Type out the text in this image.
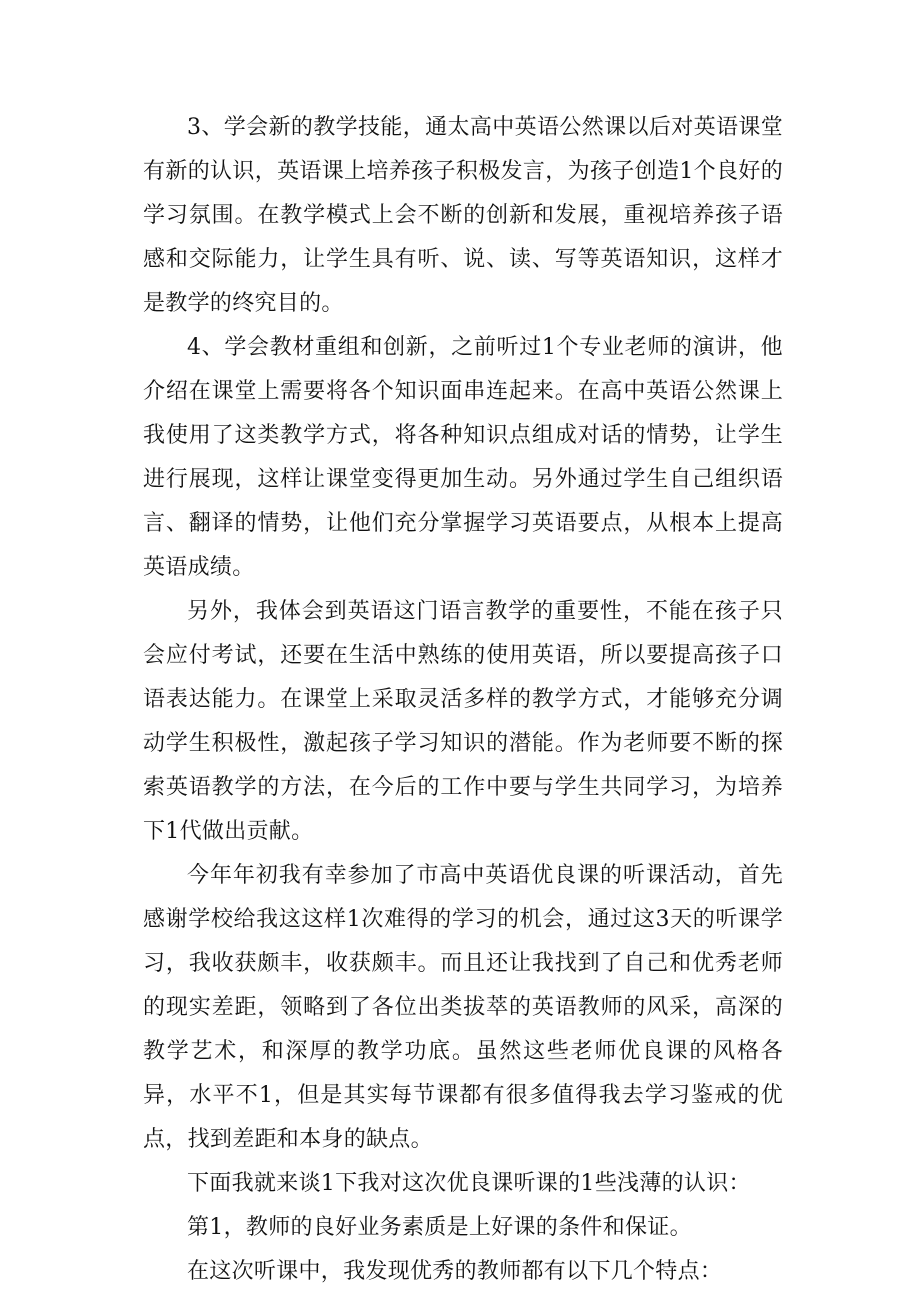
3、学会新的教学技能，通太高中英语公然课以后对英语课堂有新的认识，英语课上培养孩子积极发言，为孩子创造1个良好的学习氛围。在教学模式上会不断的创新和发展，重视培养孩子语感和交际能力，让学生具有听、说、读、写等英语知识，这样才是教学的终究目的。

4、学会教材重组和创新，之前听过1个专业老师的演讲，他介绍在课堂上需要将各个知识面串连起来。在高中英语公然课上我使用了这类教学方式，将各种知识点组成对话的情势，让学生进行展现，这样让课堂变得更加生动。另外通过学生自己组织语言、翻译的情势，让他们充分掌握学习英语要点，从根本上提高英语成绩。

另外，我体会到英语这门语言教学的重要性，不能在孩子只会应付考试，还要在生活中熟练的使用英语，所以要提高孩子口语表达能力。在课堂上采取灵活多样的教学方式，才能够充分调动学生积极性，激起孩子学习知识的潜能。作为老师要不断的探索英语教学的方法，在今后的工作中要与学生共同学习，为培养下1代做出贡献。

今年年初我有幸参加了市高中英语优良课的听课活动，首先感谢学校给我这这样1次难得的学习的机会，通过这3天的听课学习，我收获颇丰，收获颇丰。而且还让我找到了自己和优秀老师的现实差距，领略到了各位出类拔萃的英语教师的风采，高深的教学艺术，和深厚的教学功底。虽然这些老师优良课的风格各异，水平不1，但是其实每节课都有很多值得我去学习鉴戒的优点，找到差距和本身的缺点。

下面我就来谈1下我对这次优良课听课的1些浅薄的认识：

第1，教师的良好业务素质是上好课的条件和保证。

在这次听课中，我发现优秀的教师都有以下几个特点：
